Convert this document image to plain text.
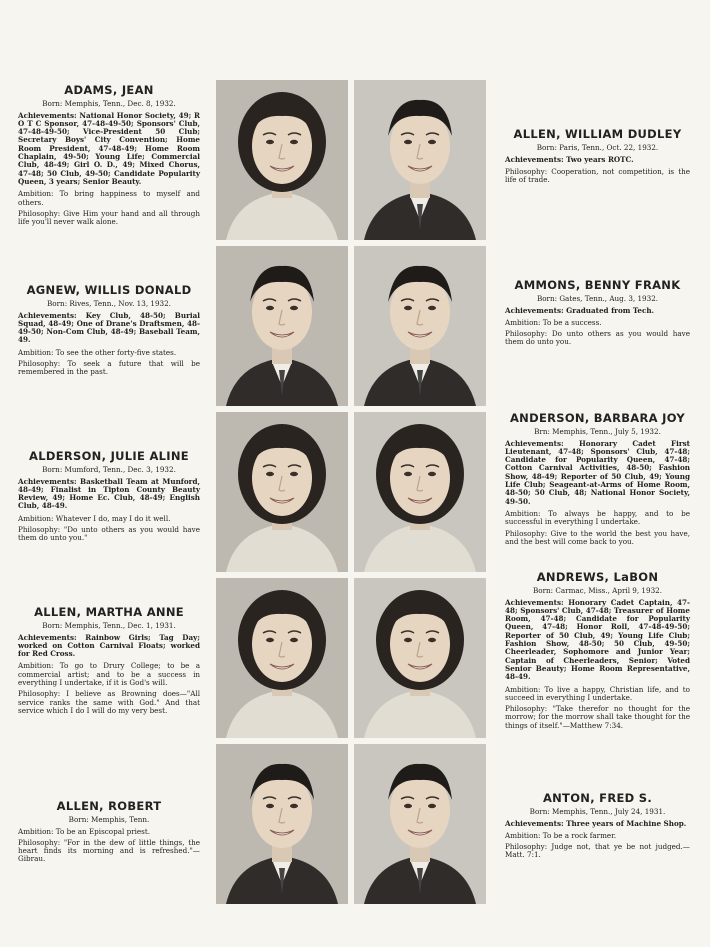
ADAMS, JEAN
Born: Memphis, Tenn., Dec. 8, 1932.
Achievements: National Honor Society, 49; R O T C Sponsor, 47-48-49-50; Sponsors' Club, 47-48-49-50; Vice-President 50 Club; Secretary Boys' City Convention; Home Room President, 47-48-49; Home Room Chaplain, 49-50; Young Life; Commercial Club, 48-49; Girl O. D., 49; Mixed Chorus, 47-48; 50 Club, 49-50; Candidate Popularity Queen, 3 years; Senior Beauty.
Ambition: To bring happiness to myself and others.
Philosophy: Give Him your hand and all through life you'll never walk alone.
AGNEW, WILLIS DONALD
Born: Rives, Tenn., Nov. 13, 1932.
Achievements: Key Club, 48-50; Burial Squad, 48-49; One of Drane's Draftsmen, 48-49-50; Non-Com Club, 48-49; Baseball Team, 49.
Ambition: To see the other forty-five states.
Philosophy: To seek a future that will be remembered in the past.
ALDERSON, JULIE ALINE
Born: Mumford, Tenn., Dec. 3, 1932.
Achievements: Basketball Team at Munford, 48-49; Finalist in Tipton County Beauty Review, 49; Home Ec. Club, 48-49; English Club, 48-49.
Ambition: Whatever I do, may I do it well.
Philosophy: "Do unto others as you would have them do unto you."
ALLEN, MARTHA ANNE
Born: Memphis, Tenn., Dec. 1, 1931.
Achievements: Rainbow Girls; Tag Day; worked on Cotton Carnival Floats; worked for Red Cross.
Ambition: To go to Drury College; to be a commercial artist; and to be a success in everything I undertake, if it is God's will.
Philosophy: I believe as Browning does—"All service ranks the same with God." And that service which I do I will do my very best.
ALLEN, ROBERT
Born: Memphis, Tenn.
Ambition: To be an Episcopal priest.
Philosophy: "For in the dew of little things, the heart finds its morning and is refreshed."—Gibrau.
ALLEN, WILLIAM DUDLEY
Born: Paris, Tenn., Oct. 22, 1932.
Achievements: Two years ROTC.
Philosophy: Cooperation, not competition, is the life of trade.
AMMONS, BENNY FRANK
Born: Gates, Tenn., Aug. 3, 1932.
Achievements: Graduated from Tech.
Ambition: To be a success.
Philosophy: Do unto others as you would have them do unto you.
ANDERSON, BARBARA JOY
Brn: Memphis, Tenn., July 5, 1932.
Achievements: Honorary Cadet First Lieutenant, 47-48; Sponsors' Club, 47-48; Candidate for Popularity Queen, 47-48; Cotton Carnival Activities, 48-50; Fashion Show, 48-49; Reporter of 50 Club, 49; Young Life Club; Seageant-at-Arms of Home Room, 48-50; 50 Club, 48; National Honor Society, 49-50.
Ambition: To always be happy, and to be successful in everything I undertake.
Philosophy: Give to the world the best you have, and the best will come back to you.
ANDREWS, LaBON
Born: Carmac, Miss., April 9, 1932.
Achievements: Honorary Cadet Captain, 47-48; Sponsors' Club, 47-48; Treasurer of Home Room, 47-48; Candidate for Popularity Queen, 47-48; Honor Roll, 47-48-49-50; Reporter of 50 Club, 49; Young Life Club; Fashion Show, 48-50; 50 Club, 49-50; Cheerleader, Sophomore and Junior Year; Captain of Cheerleaders, Senior; Voted Senior Beauty; Home Room Representative, 48-49.
Ambition: To live a happy, Christian life, and to succeed in everything I undertake.
Philosophy: "Take therefor no thought for the morrow; for the morrow shall take thought for the things of itself."—Matthew 7:34.
ANTON, FRED S.
Born: Memphis, Tenn., July 24, 1931.
Achievements: Three years of Machine Shop.
Ambition: To be a rock farmer.
Philosophy: Judge not, that ye be not judged.—Matt. 7:1.
